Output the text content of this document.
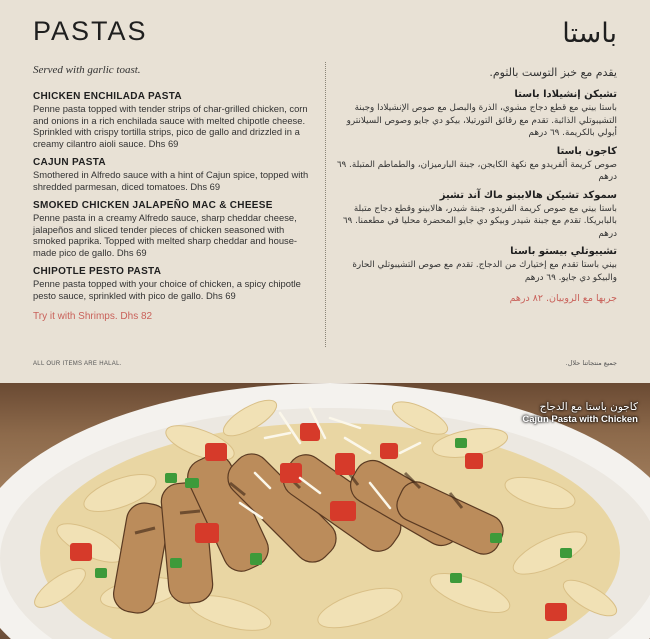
PASTAS	باستا
Served with garlic toast.	يقدم مع خبز التوست بالثوم.
CHICKEN ENCHILADA PASTA
Penne pasta topped with tender strips of char-grilled chicken, corn and onions in a rich enchilada sauce with melted chipotle cheese. Sprinkled with crispy tortilla strips, pico de gallo and drizzled in a creamy cilantro aioli sauce. Dhs 69
CAJUN PASTA
Smothered in Alfredo sauce with a hint of Cajun spice, topped with shredded parmesan, diced tomatoes. Dhs 69
SMOKED CHICKEN JALAPEÑO MAC & CHEESE
Penne pasta in a creamy Alfredo sauce, sharp cheddar cheese, jalapeños and sliced tender pieces of chicken seasoned with smoked paprika. Topped with melted sharp cheddar and house-made pico de gallo. Dhs 69
CHIPOTLE PESTO PASTA
Penne pasta topped with your choice of chicken, a spicy chipotle pesto sauce, sprinkled with pico de gallo. Dhs 69
Try it with Shrimps. Dhs 82
تشيكن إنشيلادا باستا
باستا بيني مع قطع دجاج مشوي، الذرة والبصل مع صوص الإنشيلادا وجبنة التشيبوتلي الذائبة. تقدم مع رقائق التورتيلا، بيكو دي جايو وصوص السيلانترو أيولي بالكريمة. ٦٩ درهم
كاجون باستا
صوص كريمة ألفريدو مع نكهة الكايجن، جبنة البارميزان، والطماطم المتبلة. ٦٩ درهم
سموكد تشيكن هالابينو ماك آند تشيز
باستا بيني مع صوص كريمة الفريدو، جبنة شيدر، هالابينو وقطع دجاج متبلة بالبابريكا. تقدم مع جبنة شيدر وبيكو دي جايو المحضرة محليا في مطعمنا. ٦٩ درهم
تشيبوتلي بيستو باستا
بيني باستا تقدم مع إختيارك من الدجاج. تقدم مع صوص التشيبوتلي الحارة والبيكو دي جايو. ٦٩ درهم
جربها مع الروبيان. ٨٢ درهم
ALL OUR ITEMS ARE HALAL.	جميع منتجاتنا حلال.
كاجون باستا مع الدجاج
Cajun Pasta with Chicken
